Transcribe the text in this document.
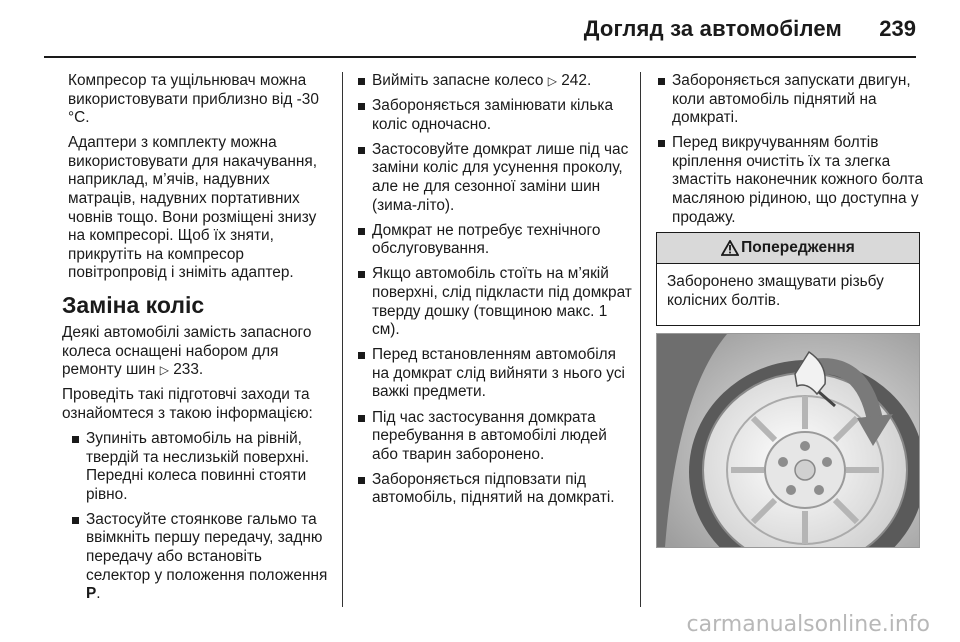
Догляд за автомобілем 239

Компресор та ущільнювач можна використовувати приблизно від -30 °C.

Адаптери з комплекту можна використовувати для накачування, наприклад, м’ячів, надувних матраців, надувних портативних човнів тощо. Вони розміщені знизу на компресорі. Щоб їх зняти, прикрутіть на компресор повітропровід і зніміть адаптер.

Заміна коліс

Деякі автомобілі замість запасного колеса оснащені набором для ремонту шин ▷ 233.

Проведіть такі підготовчі заходи та ознайомтеся з такою інформацією:

Зупиніть автомобіль на рівній, твердій та неслизькій поверхні. Передні колеса повинні стояти рівно.
Застосуйте стоянкове гальмо та ввімкніть першу передачу, задню передачу або встановіть селектор у положення положення P.
Вийміть запасне колесо ▷ 242.
Забороняється замінювати кілька коліс одночасно.
Застосовуйте домкрат лише під час заміни коліс для усунення проколу, але не для сезонної заміни шин (зима-літо).
Домкрат не потребує технічного обслуговування.
Якщо автомобіль стоїть на м’якій поверхні, слід підкласти під домкрат тверду дошку (товщиною макс. 1 см).
Перед встановленням автомобіля на домкрат слід вийняти з нього усі важкі предмети.
Під час застосування домкрата перебування в автомобілі людей або тварин заборонено.
Забороняється підповзати під автомобіль, піднятий на домкраті.
Забороняється запускати двигун, коли автомобіль піднятий на домкраті.
Перед викручуванням болтів кріплення очистіть їх та злегка змастіть наконечник кожного болта масляною рідиною, що доступна у продажу.
Попередження
Заборонено змащувати різьбу колісних болтів.
carmanualsonline.info
